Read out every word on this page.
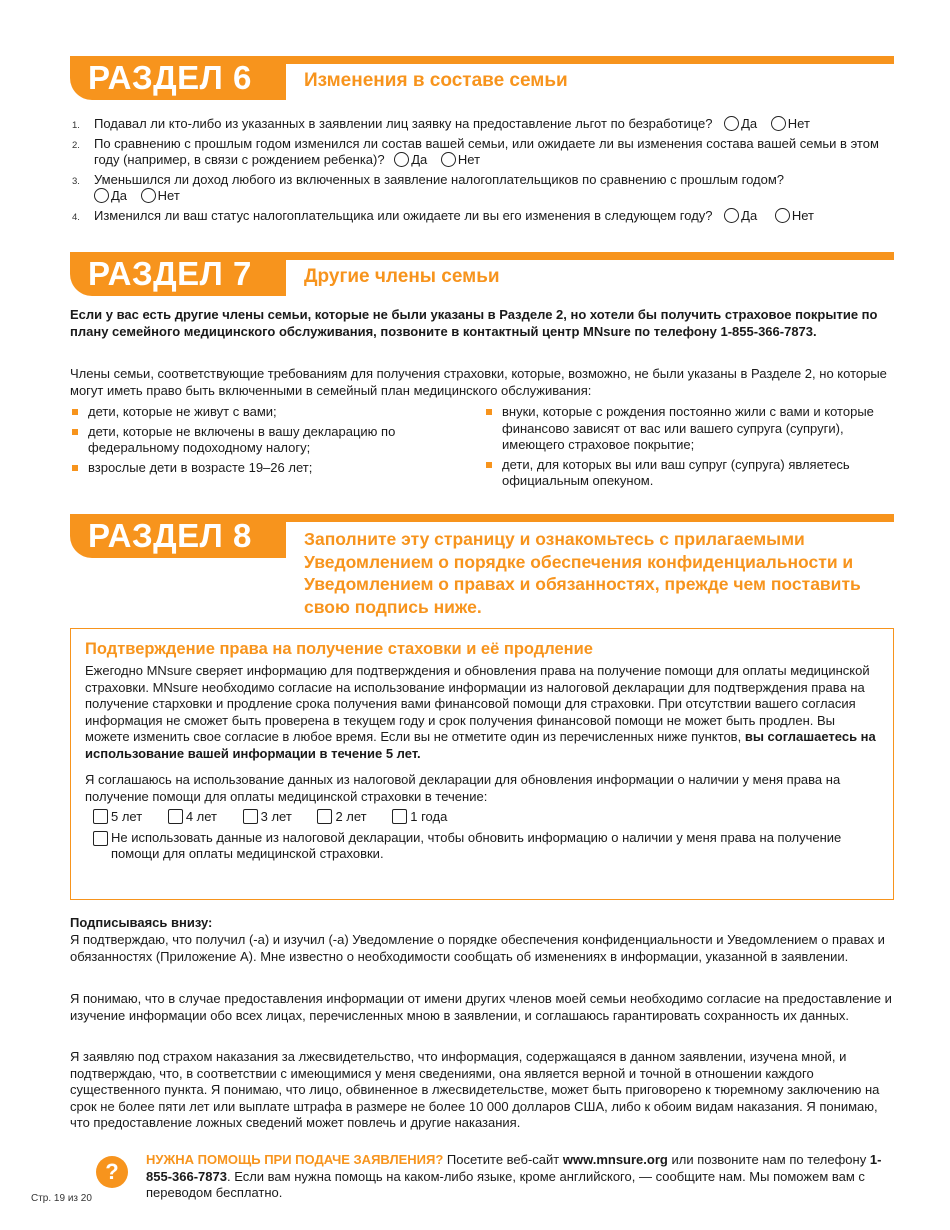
РАЗДЕЛ 6	Изменения в составе семьи
1. Подавал ли кто-либо из указанных в заявлении лиц заявку на предоставление льгот по безработице? Да Нет
2. По сравнению с прошлым годом изменился ли состав вашей семьи, или ожидаете ли вы изменения состава вашей семьи в этом году (например, в связи с рождением ребенка)? Да Нет
3. Уменьшился ли доход любого из включенных в заявление налогоплательщиков по сравнению с прошлым годом?
Да Нет
4. Изменился ли ваш статус налогоплательщика или ожидаете ли вы его изменения в следующем году? Да	Нет
РАЗДЕЛ 7	Другие члены семьи
Если у вас есть другие члены семьи, которые не были указаны в Разделе 2, но хотели бы получить страховое покрытие по плану семейного медицинского обслуживания, позвоните в контактный центр MNsure по телефону 1-855-366-7873.
Члены семьи, соответствующие требованиям для получения страховки, которые, возможно, не были указаны в Разделе 2, но которые могут иметь право быть включенными в семейный план медицинского обслуживания:
дети, которые не живут с вами;
дети, которые не включены в вашу декларацию по федеральному подоходному налогу;
взрослые дети в возрасте 19–26 лет;
внуки, которые с рождения постоянно жили с вами и которые финансово зависят от вас или вашего супруга (супруги), имеющего страховое покрытие;
дети, для которых вы или ваш супруг (супруга) являетесь официальным опекуном.
РАЗДЕЛ 8	Заполните эту страницу и ознакомьтесь с прилагаемыми Уведомлением о порядке обеспечения конфиденциальности и Уведомлением о правах и обязанностях, прежде чем поставить свою подпись ниже.
Подтверждение права на получение стаховки и её продление
Ежегодно MNsure сверяет информацию для подтверждения и обновления права на получение помощи для оплаты медицинской страховки. MNsure необходимо согласие на использование информации из налоговой декларации для подтверждения права на получение старховки и продление срока получения вами финансовой помощи для страховки. При отсутствии вашего согласия информация не сможет быть проверена в текущем году и срок получения финансовой помощи не может быть продлен. Вы можете изменить свое согласие в любое время. Если вы не отметите один из перечисленных ниже пунктов, вы соглашаетесь на использование вашей информации в течение 5 лет.
Я соглашаюсь на использование данных из налоговой декларации для обновления информации о наличии у меня права на получение помощи для оплаты медицинской страховки в течение:
5 лет	4 лет	3 лет	2 лет	1 года
Не использовать данные из налоговой декларации, чтобы обновить информацию о наличии у меня права на получение помощи для оплаты медицинской страховки.
Подписываясь внизу:
Я подтверждаю, что получил (-а) и изучил (-а) Уведомление о порядке обеспечения конфиденциальности и Уведомлением о правах и обязанностях (Приложение A). Мне известно о необходимости сообщать об изменениях в информации, указанной в заявлении.
Я понимаю, что в случае предоставления информации от имени других членов моей семьи необходимо согласие на предоставление и изучение информации обо всех лицах, перечисленных мною в заявлении, и соглашаюсь гарантировать сохранность их данных.
Я заявляю под страхом наказания за лжесвидетельство, что информация, содержащаяся в данном заявлении, изучена мной, и подтверждаю, что, в соответствии с имеющимися у меня сведениями, она является верной и точной в отношении каждого существенного пункта. Я понимаю, что лицо, обвиненное в лжесвидетельстве, может быть приговорено к тюремному заключению на срок не более пяти лет или выплате штрафа в размере не более 10 000 долларов США, либо к обоим видам наказания. Я понимаю, что предоставление ложных сведений может повлечь и другие наказания.
?	НУЖНА ПОМОЩЬ ПРИ ПОДАЧЕ ЗАЯВЛЕНИЯ? Посетите веб-сайт www.mnsure.org или позвоните нам по телефону 1-855-366-7873. Если вам нужна помощь на каком-либо языке, кроме английского, — сообщите нам. Мы поможем вам с переводом бесплатно.
Стр. 19 из 20
